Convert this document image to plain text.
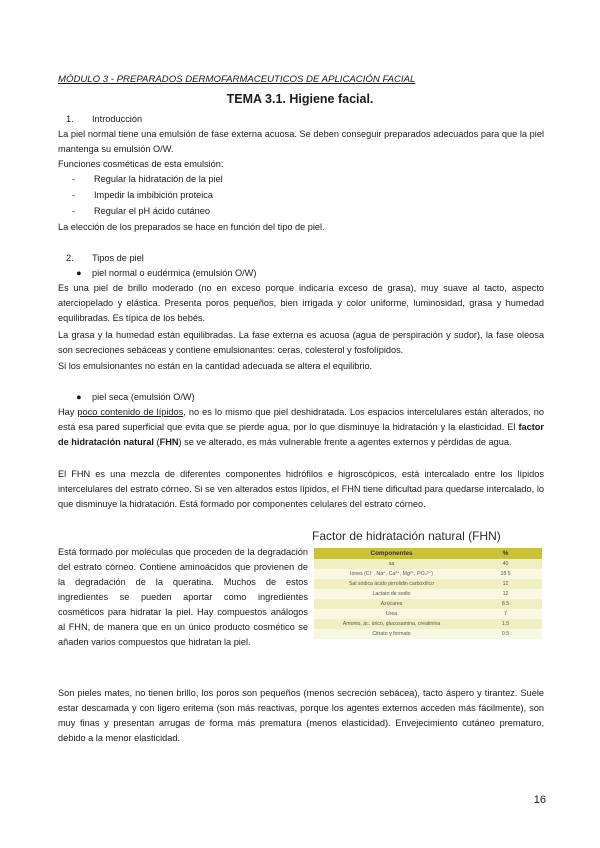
MÓDULO 3 - PREPARADOS DERMOFARMACEUTICOS DE APLICACIÓN FACIAL
TEMA 3.1. Higiene facial.
1. Introducción
La piel normal tiene una emulsión de fase externa acuosa. Se deben conseguir preparados adecuados para que la piel mantenga su emulsión O/W.
Funciones cosméticas de esta emulsión:
- Regular la hidratación de la piel
- Impedir la imbibición proteica
- Regular el pH ácido cutáneo
La elección de los preparados se hace en función del tipo de piel.
2. Tipos de piel
● piel normal o eudérmica (emulsión O/W)
Es una piel de brillo moderado (no en exceso porque indicaría exceso de grasa), muy suave al tacto, aspecto aterciopelado y elástica. Presenta poros pequeños, bien irrigada y color uniforme, luminosidad, grasa y humedad equilibradas. Es típica de los bebés.
La grasa y la humedad están equilibradas. La fase externa es acuosa (agua de perspiración y sudor), la fase oleosa son secreciones sebáceas y contiene emulsionantes: ceras, colesterol y fosfolípidos.
Si los emulsionantes no están en la cantidad adecuada se altera el equilibrio.
● piel seca (emulsión O/W)
Hay poco contenido de lípidos, no es lo mismo que piel deshidratada. Los espacios intercelulares están alterados, no está esa pared superficial que evita que se pierde agua, por lo que disminuye la hidratación y la elasticidad. El factor de hidratación natural (FHN) se ve alterado, es más vulnerable frente a agentes externos y pérdidas de agua.
El FHN es una mezcla de diferentes componentes hidrófilos e higroscópicos, está intercalado entre los lípidos intercelulares del estrato córneo. Si se ven alterados estos lípidos, el FHN tiene dificultad para quedarse intercalado, lo que disminuye la hidratación. Está formado por componentes celulares del estrato córneo.
Factor de hidratación natural (FHN)
Componentes	%
aa	40
Iones (Cl⁻, Na⁺, Ca²⁺, Mg²⁺, PO₄³⁻)	18.5
Sal sódica ácido pirrolidin carboxílico	12
Lactato de sodio	12
Azúcares	8.5
Urea	7
Amonio, ác. úrico, glucosamina, creatinina	1.5
Citrato y formato	0.5
Está formado por moléculas que proceden de la degradación del estrato córneo. Contiene aminoácidos que provienen de la degradación de la queratina. Muchos de estos ingredientes se pueden aportar como ingredientes cosméticos para hidratar la piel. Hay compuestos análogos al FHN, de manera que en un único producto cosmético se añaden varios compuestos que hidratan la piel.
Son pieles mates, no tienen brillo, los poros son pequeños (menos secreción sebácea), tacto áspero y tirantez. Suele estar descamada y con ligero eritema (son más reactivas, porque los agentes externos acceden más fácilmente), son muy finas y presentan arrugas de forma más prematura (menos elasticidad). Envejecimiento cutáneo prematuro, debido a la menor elasticidad.
16
